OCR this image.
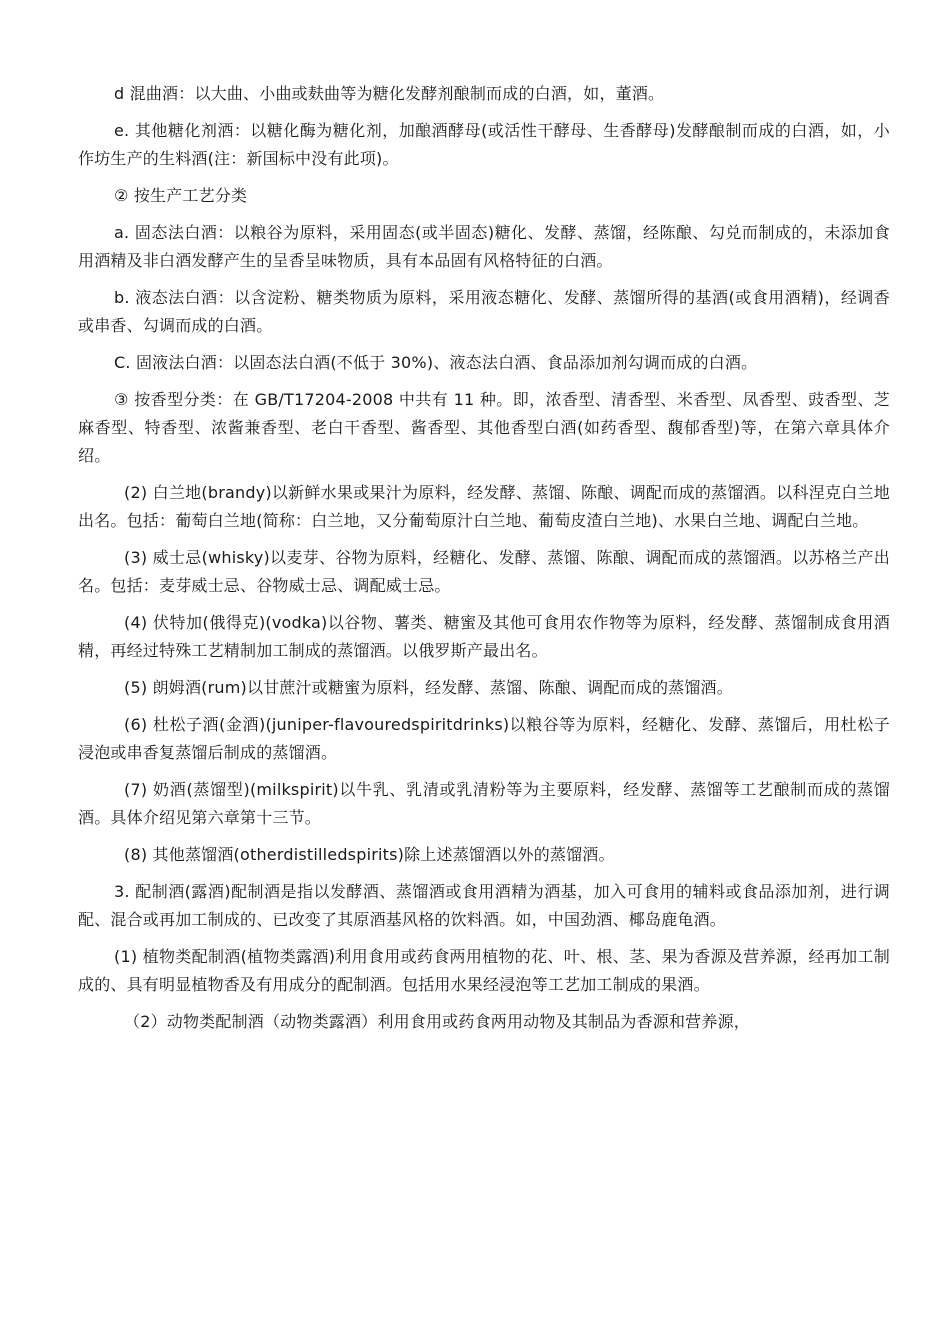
d 混曲酒：以大曲、小曲或麸曲等为糖化发酵剂酿制而成的白酒，如，董酒。

e. 其他糖化剂酒：以糖化酶为糖化剂，加酿酒酵母(或活性干酵母、生香酵母)发酵酿制而成的白酒，如，小作坊生产的生料酒(注：新国标中没有此项)。

② 按生产工艺分类

a. 固态法白酒：以粮谷为原料，采用固态(或半固态)糖化、发酵、蒸馏，经陈酿、勾兑而制成的，未添加食用酒精及非白酒发酵产生的呈香呈味物质，具有本品固有风格特征的白酒。

b. 液态法白酒：以含淀粉、糖类物质为原料，采用液态糖化、发酵、蒸馏所得的基酒(或食用酒精)，经调香或串香、勾调而成的白酒。

C. 固液法白酒：以固态法白酒(不低于 30%)、液态法白酒、食品添加剂勾调而成的白酒。

③ 按香型分类：在 GB/T17204-2008 中共有 11 种。即，浓香型、清香型、米香型、凤香型、豉香型、芝麻香型、特香型、浓酱兼香型、老白干香型、酱香型、其他香型白酒(如药香型、馥郁香型)等，在第六章具体介绍。

(2) 白兰地(brandy)以新鲜水果或果汁为原料，经发酵、蒸馏、陈酿、调配而成的蒸馏酒。以科涅克白兰地出名。包括：葡萄白兰地(简称：白兰地，又分葡萄原汁白兰地、葡萄皮渣白兰地)、水果白兰地、调配白兰地。

(3) 威士忌(whisky)以麦芽、谷物为原料，经糖化、发酵、蒸馏、陈酿、调配而成的蒸馏酒。以苏格兰产出名。包括：麦芽威士忌、谷物威士忌、调配威士忌。

(4) 伏特加(俄得克)(vodka)以谷物、薯类、糖蜜及其他可食用农作物等为原料，经发酵、蒸馏制成食用酒精，再经过特殊工艺精制加工制成的蒸馏酒。以俄罗斯产最出名。

(5) 朗姆酒(rum)以甘蔗汁或糖蜜为原料，经发酵、蒸馏、陈酿、调配而成的蒸馏酒。

(6) 杜松子酒(金酒)(juniper-flavouredspiritdrinks)以粮谷等为原料，经糖化、发酵、蒸馏后，用杜松子浸泡或串香复蒸馏后制成的蒸馏酒。

(7) 奶酒(蒸馏型)(milkspirit)以牛乳、乳清或乳清粉等为主要原料，经发酵、蒸馏等工艺酿制而成的蒸馏酒。具体介绍见第六章第十三节。

(8) 其他蒸馏酒(otherdistilledspirits)除上述蒸馏酒以外的蒸馏酒。

3. 配制酒(露酒)配制酒是指以发酵酒、蒸馏酒或食用酒精为酒基，加入可食用的辅料或食品添加剂，进行调配、混合或再加工制成的、已改变了其原酒基风格的饮料酒。如，中国劲酒、椰岛鹿龟酒。

(1) 植物类配制酒(植物类露酒)利用食用或药食两用植物的花、叶、根、茎、果为香源及营养源，经再加工制成的、具有明显植物香及有用成分的配制酒。包括用水果经浸泡等工艺加工制成的果酒。

（2）动物类配制酒（动物类露酒）利用食用或药食两用动物及其制品为香源和营养源，
